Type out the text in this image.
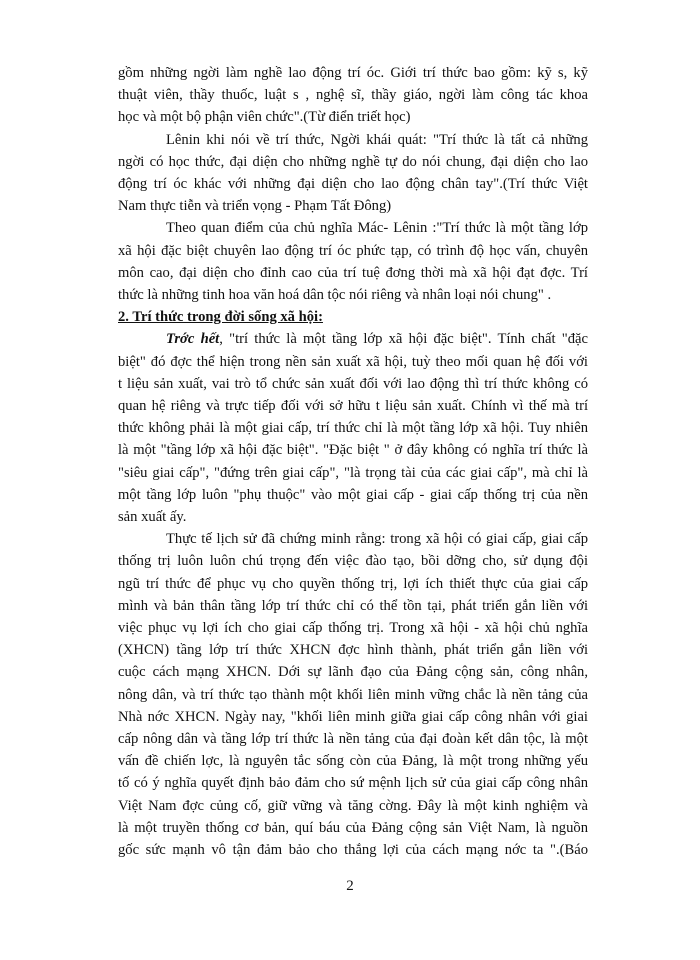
gồm những ngời làm nghề lao động trí óc. Giới trí thức bao gồm: kỹ s, kỹ
thuật viên, thầy thuốc, luật s , nghệ sĩ, thầy giáo, ngời làm công tác khoa
học và một bộ phận viên chức".(Từ điển triết học)
Lênin khi nói về trí thức, Ngời khái quát: "Trí thức là tất cả những
ngời có học thức, đại diện cho những nghề tự do nói chung, đại diện cho lao
động trí óc khác với những đại diện cho lao động chân tay".(Trí thức Việt
Nam thực tiễn và triển vọng - Phạm Tất Đông)
Theo quan điểm của chủ nghĩa Mác- Lênin :"Trí thức là một tầng lớp
xã hội đặc biệt chuyên lao động trí óc phức tạp, có trình độ học vấn, chuyên
môn cao, đại diện cho đỉnh cao của trí tuệ đơng thời mà xã hội đạt đợc. Trí
thức là những tinh hoa văn hoá dân tộc nói riêng và nhân loại nói chung" .
2. Trí thức trong đời sống xã hội:
Trớc hết, "trí thức là một tầng lớp xã hội đặc biệt". Tính chất "đặc
biệt" đó đợc thể hiện trong nền sản xuất xã hội, tuỳ theo mối quan hệ đối với
t liệu sản xuất, vai trò tổ chức sản xuất đối với lao động thì trí thức không có
quan hệ riêng và trực tiếp đối với sở hữu t liệu sản xuất. Chính vì thế mà trí
thức không phải là một giai cấp, trí thức chỉ là một tầng lớp xã hội. Tuy nhiên
là một "tầng lớp xã hội đặc biệt". "Đặc biệt " ở đây không có nghĩa trí thức là
"siêu giai cấp", "đứng trên giai cấp", "là trọng tài của các giai cấp", mà chỉ là
một tầng lớp luôn "phụ thuộc" vào một giai cấp - giai cấp thống trị của nền
sản xuất ấy.
Thực tế lịch sử đã chứng minh rằng: trong xã hội có giai cấp, giai cấp
thống trị luôn luôn chú trọng đến việc đào tạo, bồi dỡng cho, sử dụng đội
ngũ trí thức để phục vụ cho quyền thống trị, lợi ích thiết thực của giai cấp
mình và bản thân tầng lớp trí thức chỉ có thể tồn tại, phát triển gắn liền với
việc phục vụ lợi ích cho giai cấp thống trị. Trong xã hội - xã hội chủ nghĩa
(XHCN) tầng lớp trí thức XHCN đợc hình thành, phát triển gắn liền với
cuộc cách mạng XHCN. Dới sự lãnh đạo của Đảng cộng sản, công nhân,
nông dân, và trí thức tạo thành một khối liên minh vững chắc là nền tảng của
Nhà nớc XHCN. Ngày nay, "khối liên minh giữa giai cấp công nhân với giai
cấp nông dân và tầng lớp trí thức là nền tảng của đại đoàn kết dân tộc, là một
vấn đề chiến lợc, là nguyên tắc sống còn của Đảng, là một trong những yếu
tố có ý nghĩa quyết định bảo đảm cho sứ mệnh lịch sử của giai cấp công nhân
Việt Nam đợc củng cố, giữ vững và tăng cờng. Đây là một kinh nghiệm và
là một truyền thống cơ bản, quí báu của Đảng cộng sản Việt Nam, là nguồn
gốc sức mạnh vô tận đảm bảo cho thắng lợi của cách mạng nớc ta ".(Báo
2
